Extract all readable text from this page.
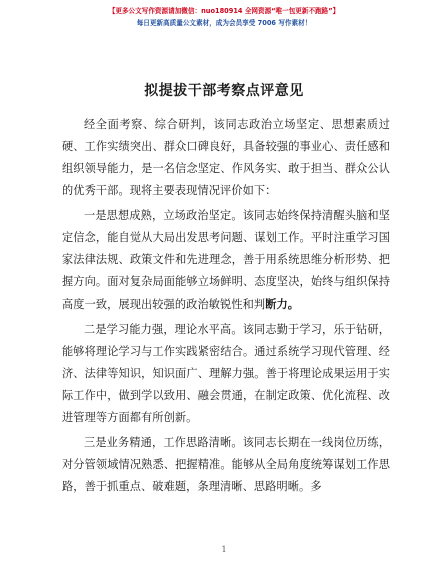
【更多公文写作资源请加微信：nuo180914 全网资源“唯一包更新不跑路”】
每日更新高质量公文素材，成为会员享受 7006 写作素材！
拟提拔干部考察点评意见

经全面考察、综合研判，该同志政治立场坚定、思想素质过硬、工作实绩突出、群众口碑良好，具备较强的事业心、责任感和组织领导能力，是一名信念坚定、作风务实、敢于担当、群众公认的优秀干部。现将主要表现情况评价如下：

一是思想成熟，立场政治坚定。该同志始终保持清醒头脑和坚定信念，能自觉从大局出发思考问题、谋划工作。平时注重学习国家法律法规、政策文件和先进理念，善于用系统思维分析形势、把握方向。面对复杂局面能够立场鲜明、态度坚决，始终与组织保持高度一致，展现出较强的政治敏锐性和判断力。

二是学习能力强，理论水平高。该同志勤于学习，乐于钻研，能够将理论学习与工作实践紧密结合。通过系统学习现代管理、经济、法律等知识，知识面广、理解力强。善于将理论成果运用于实际工作中，做到学以致用、融会贯通，在制定政策、优化流程、改进管理等方面都有所创新。

三是业务精通，工作思路清晰。该同志长期在一线岗位历练，对分管领域情况熟悉、把握精准。能够从全局角度统筹谋划工作思路，善于抓重点、破难题，条理清晰、思路明晰。多

1
